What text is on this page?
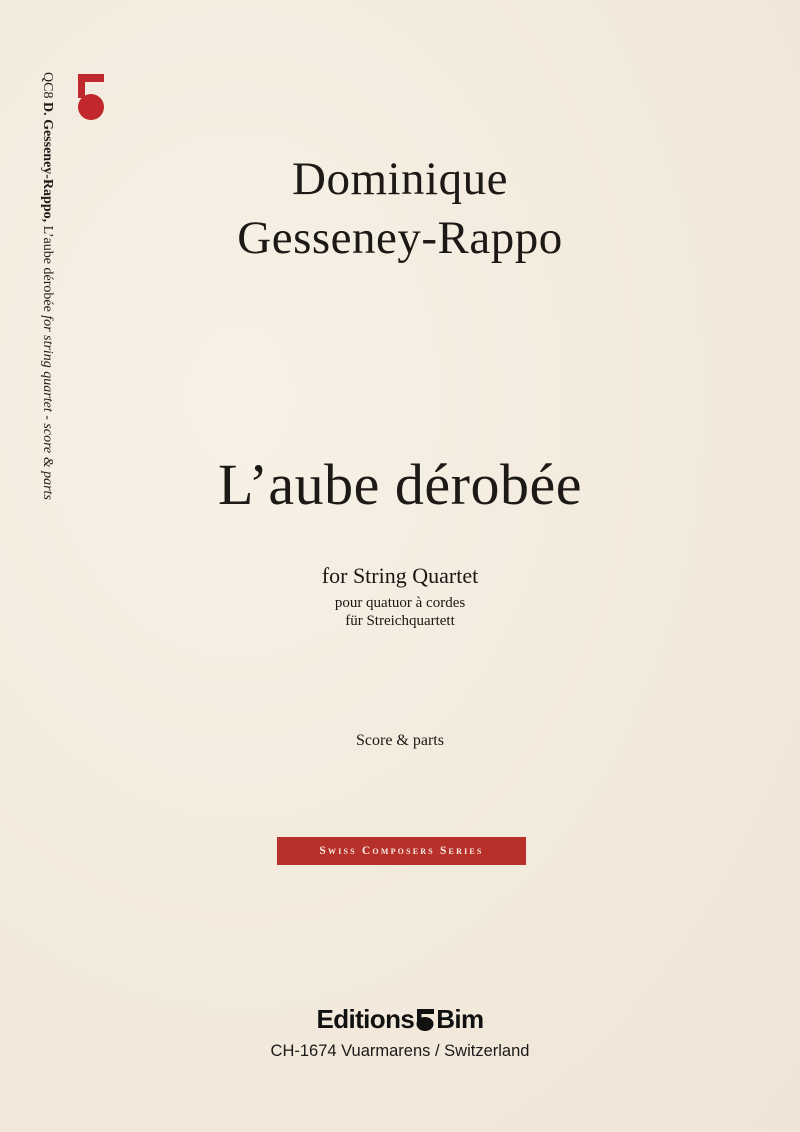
QC8 D. Gesseney-Rappo, L’aube dérobée for string quartet - score & parts
Dominique
Gesseney-Rappo
L’aube dérobée
for String Quartet
pour quatuor à cordes
für Streichquartett
Score & parts
Swiss Composers Series
Editions Bim
CH-1674 Vuarmarens / Switzerland
